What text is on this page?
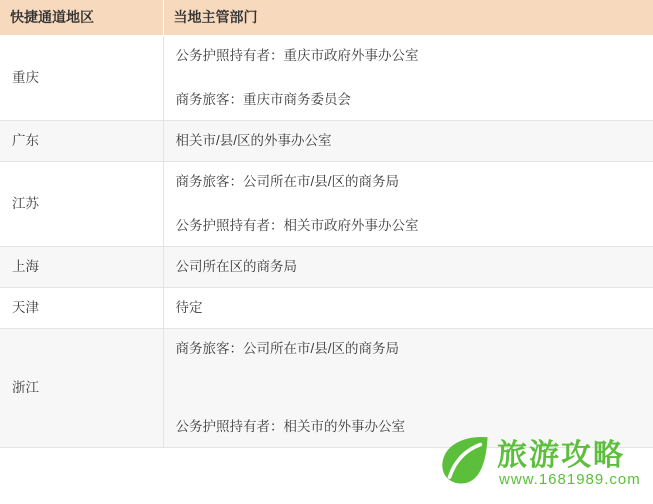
快捷通道地区	当地主管部门
重庆	公务护照持有者：重庆市政府外事办公室
商务旅客：重庆市商务委员会

广东	相关市/县/区的外事办公室

江苏	商务旅客：公司所在市/县/区的商务局
公务护照持有者：相关市政府外事办公室

上海	公司所在区的商务局

天津	待定

浙江	商务旅客：公司所在市/县/区的商务局
公务护照持有者：相关市的外事办公室
旅游攻略
www.1681989.com
